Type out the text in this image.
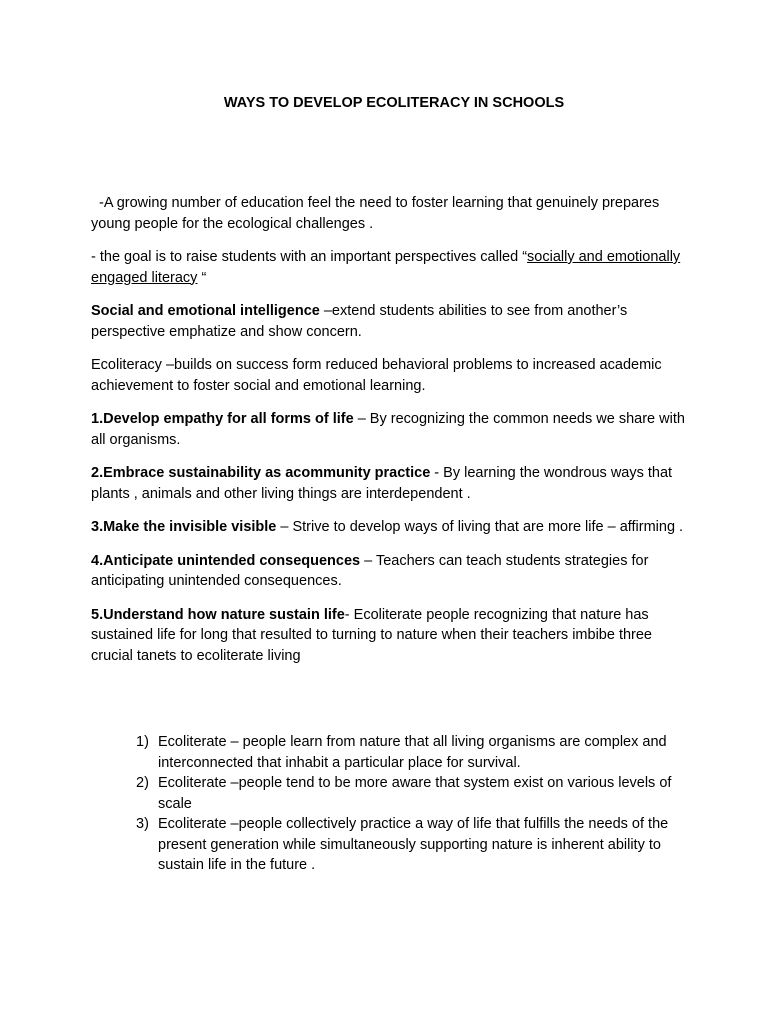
WAYS TO DEVELOP ECOLITERACY IN SCHOOLS

-A growing number of education feel the need to foster learning that genuinely prepares young people for the ecological challenges .

- the goal is to raise students with an important perspectives called “socially and emotionally engaged literacy “

Social and emotional intelligence –extend students abilities to see from another’s perspective emphatize and show concern.

Ecoliteracy –builds on success form reduced behavioral problems to increased academic achievement to foster social and emotional learning.

1.Develop empathy for all forms of life – By recognizing the common needs we share with all organisms.

2.Embrace sustainability as acommunity practice - By learning the wondrous ways that plants , animals and other living things are interdependent .

3.Make the invisible visible – Strive to develop ways of living that are more life – affirming .

4.Anticipate unintended consequences – Teachers can teach students strategies for anticipating unintended consequences.

5.Understand how nature sustain life- Ecoliterate people recognizing that nature has sustained life for long that resulted to turning to nature when their teachers imbibe three crucial tanets to ecoliterate living

1) Ecoliterate – people learn from nature that all living organisms are complex and interconnected that inhabit a particular place for survival.
2) Ecoliterate –people tend to be more aware that system exist on various levels of scale
3) Ecoliterate –people collectively practice a way of life that fulfills the needs of the present generation while simultaneously supporting nature is inherent ability to sustain life in the future .
